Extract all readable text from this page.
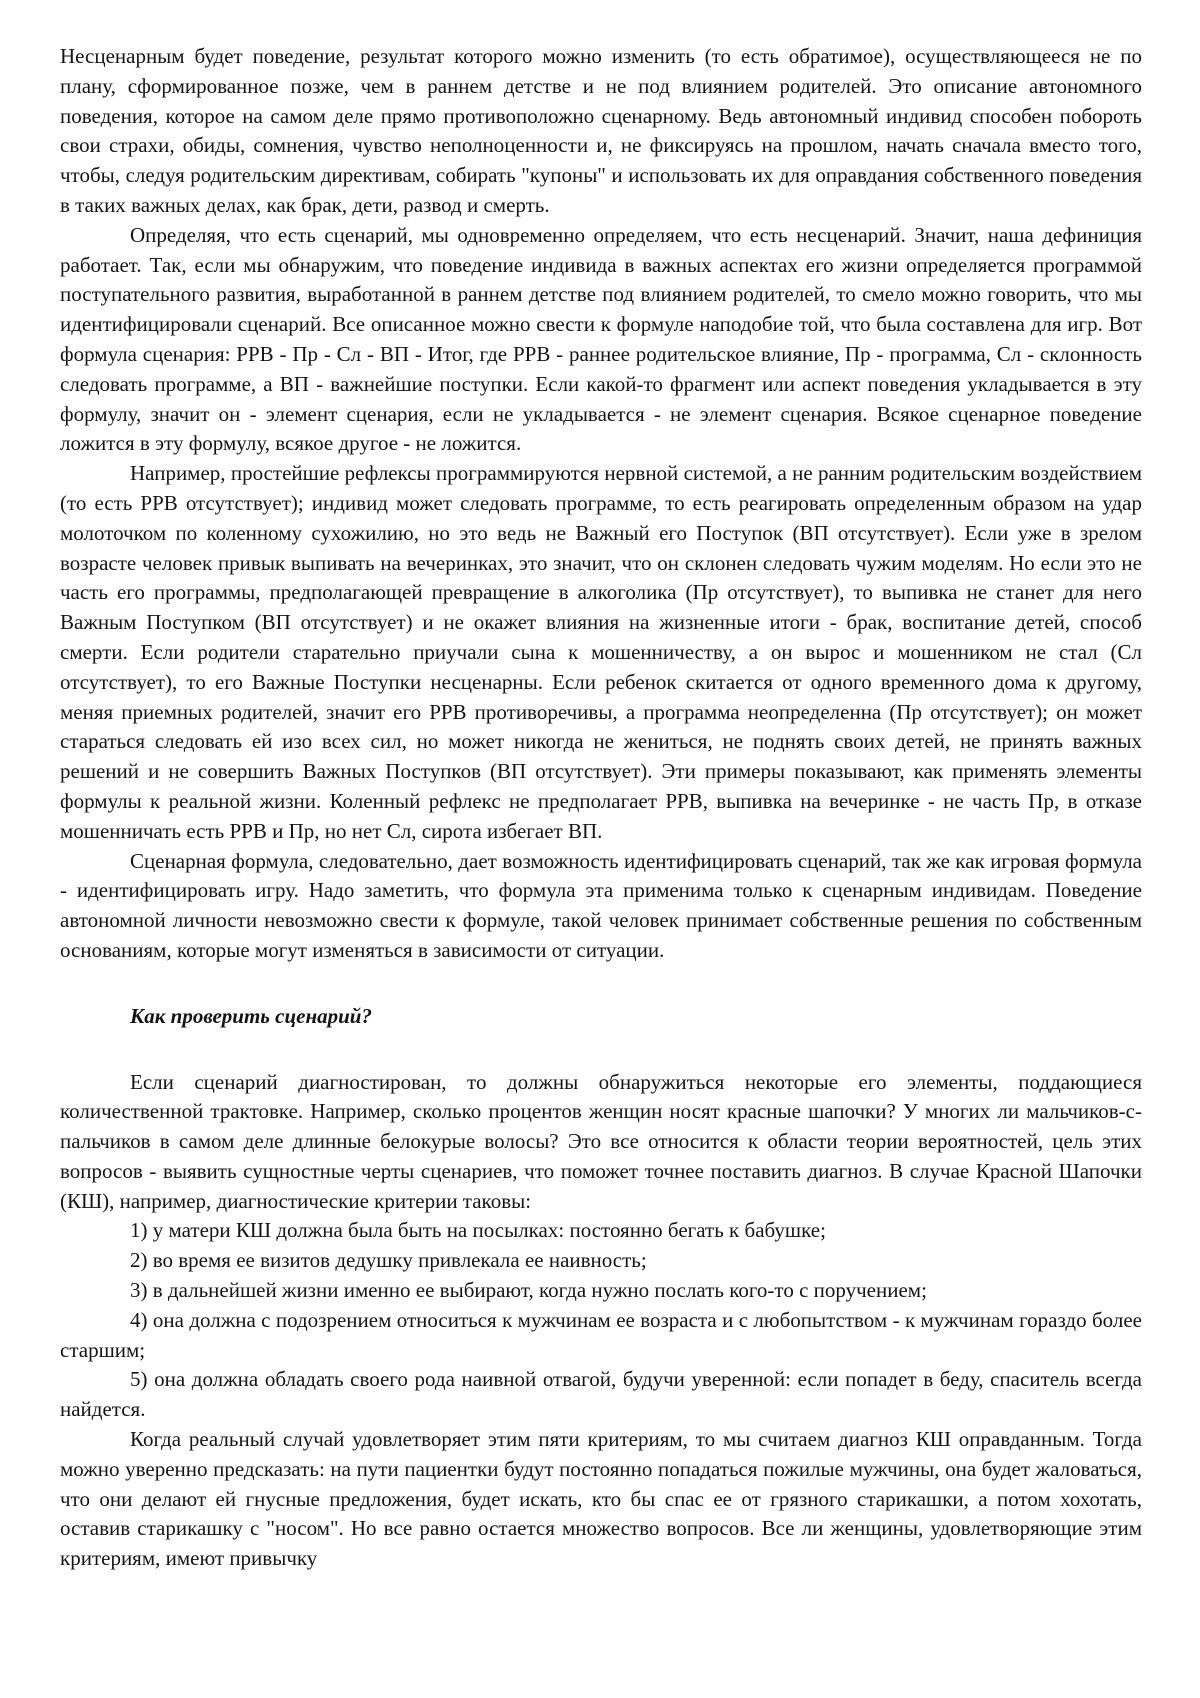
Несценарным будет поведение, результат которого можно изменить (то есть обратимое), осуществляющееся не по плану, сформированное позже, чем в раннем детстве и не под влиянием родителей. Это описание автономного поведения, которое на самом деле прямо противоположно сценарному. Ведь автономный индивид способен побороть свои страхи, обиды, сомнения, чувство неполноценности и, не фиксируясь на прошлом, начать сначала вместо того, чтобы, следуя родительским директивам, собирать "купоны" и использовать их для оправдания собственного поведения в таких важных делах, как брак, дети, развод и смерть.

Определяя, что есть сценарий, мы одновременно определяем, что есть несценарий. Значит, наша дефиниция работает. Так, если мы обнаружим, что поведение индивида в важных аспектах его жизни определяется программой поступательного развития, выработанной в раннем детстве под влиянием родителей, то смело можно говорить, что мы идентифицировали сценарий. Все описанное можно свести к формуле наподобие той, что была составлена для игр. Вот формула сценария: РРВ - Пр - Сл - ВП - Итог, где РРВ - раннее родительское влияние, Пр - программа, Сл - склонность следовать программе, а ВП - важнейшие поступки. Если какой-то фрагмент или аспект поведения укладывается в эту формулу, значит он - элемент сценария, если не укладывается - не элемент сценария. Всякое сценарное поведение ложится в эту формулу, всякое другое - не ложится.

Например, простейшие рефлексы программируются нервной системой, а не ранним родительским воздействием (то есть РРВ отсутствует); индивид может следовать программе, то есть реагировать определенным образом на удар молоточком по коленному сухожилию, но это ведь не Важный его Поступок (ВП отсутствует). Если уже в зрелом возрасте человек привык выпивать на вечеринках, это значит, что он склонен следовать чужим моделям. Но если это не часть его программы, предполагающей превращение в алкоголика (Пр отсутствует), то выпивка не станет для него Важным Поступком (ВП отсутствует) и не окажет влияния на жизненные итоги - брак, воспитание детей, способ смерти. Если родители старательно приучали сына к мошенничеству, а он вырос и мошенником не стал (Сл отсутствует), то его Важные Поступки несценарны. Если ребенок скитается от одного временного дома к другому, меняя приемных родителей, значит его РРВ противоречивы, а программа неопределенна (Пр отсутствует); он может стараться следовать ей изо всех сил, но может никогда не жениться, не поднять своих детей, не принять важных решений и не совершить Важных Поступков (ВП отсутствует). Эти примеры показывают, как применять элементы формулы к реальной жизни. Коленный рефлекс не предполагает РРВ, выпивка на вечеринке - не часть Пр, в отказе мошенничать есть РРВ и Пр, но нет Сл, сирота избегает ВП.

Сценарная формула, следовательно, дает возможность идентифицировать сценарий, так же как игровая формула - идентифицировать игру. Надо заметить, что формула эта применима только к сценарным индивидам. Поведение автономной личности невозможно свести к формуле, такой человек принимает собственные решения по собственным основаниям, которые могут изменяться в зависимости от ситуации.

Как проверить сценарий?

Если сценарий диагностирован, то должны обнаружиться некоторые его элементы, поддающиеся количественной трактовке. Например, сколько процентов женщин носят красные шапочки? У многих ли мальчиков-с-пальчиков в самом деле длинные белокурые волосы? Это все относится к области теории вероятностей, цель этих вопросов - выявить сущностные черты сценариев, что поможет точнее поставить диагноз. В случае Красной Шапочки (КШ), например, диагностические критерии таковы:

1) у матери КШ должна была быть на посылках: постоянно бегать к бабушке;

2) во время ее визитов дедушку привлекала ее наивность;

3) в дальнейшей жизни именно ее выбирают, когда нужно послать кого-то с поручением;

4) она должна с подозрением относиться к мужчинам ее возраста и с любопытством - к мужчинам гораздо более старшим;

5) она должна обладать своего рода наивной отвагой, будучи уверенной: если попадет в беду, спаситель всегда найдется.

Когда реальный случай удовлетворяет этим пяти критериям, то мы считаем диагноз КШ оправданным. Тогда можно уверенно предсказать: на пути пациентки будут постоянно попадаться пожилые мужчины, она будет жаловаться, что они делают ей гнусные предложения, будет искать, кто бы спас ее от грязного старикашки, а потом хохотать, оставив старикашку с "носом". Но все равно остается множество вопросов. Все ли женщины, удовлетворяющие этим критериям, имеют привычку
